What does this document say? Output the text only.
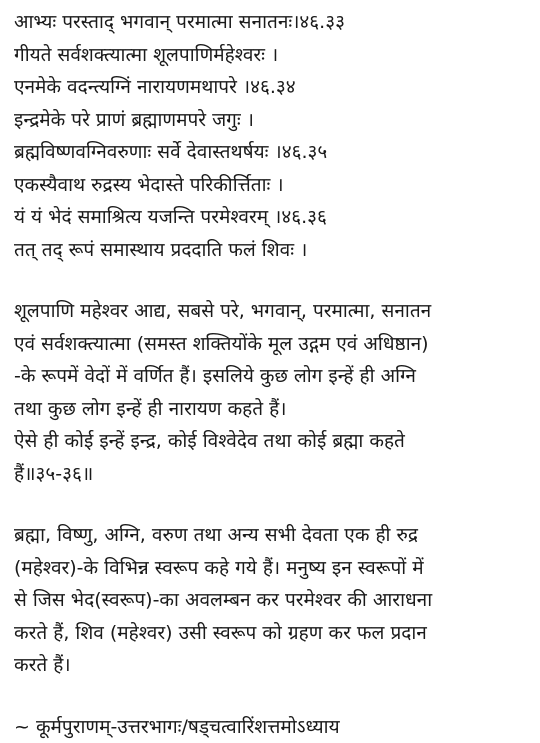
आभ्यः परस्ताद् भगवान् परमात्मा सनातनः।४६.३३
गीयते सर्वशक्त्यात्मा शूलपाणिर्महेश्वरः ।
एनमेके वदन्त्यग्निं नारायणमथापरे ।४६.३४
इन्द्रमेके परे प्राणं ब्रह्माणमपरे जगुः ।
ब्रह्मविष्णवग्निवरुणाः सर्वे देवास्तथर्षयः ।४६.३५
एकस्यैवाथ रुद्रस्य भेदास्ते परिकीर्त्तिताः ।
यं यं भेदं समाश्रित्य यजन्ति परमेश्वरम् ।४६.३६
तत् तद् रूपं समास्थाय प्रददाति फलं शिवः ।
शूलपाणि महेश्वर आद्य, सबसे परे, भगवान्, परमात्मा, सनातन
एवं सर्वशक्त्यात्मा (समस्त शक्तियोंके मूल उद्गम एवं अधिष्ठान)
-के रूपमें वेदों में वर्णित हैं। इसलिये कुछ लोग इन्हें ही अग्नि
तथा कुछ लोग इन्हें ही नारायण कहते हैं।
ऐसे ही कोई इन्हें इन्द्र, कोई विश्वेदेव तथा कोई ब्रह्मा कहते
हैं॥३५-३६॥
ब्रह्मा, विष्णु, अग्नि, वरुण तथा अन्य सभी देवता एक ही रुद्र
(महेश्वर)-के विभिन्न स्वरूप कहे गये हैं। मनुष्य इन स्वरूपों में
से जिस भेद(स्वरूप)-का अवलम्बन कर परमेश्वर की आराधना
करते हैं, शिव (महेश्वर) उसी स्वरूप को ग्रहण कर फल प्रदान
करते हैं।
~ कूर्मपुराणम्-उत्तरभागः/षड्चत्वारिंशत्तमोऽध्याय
